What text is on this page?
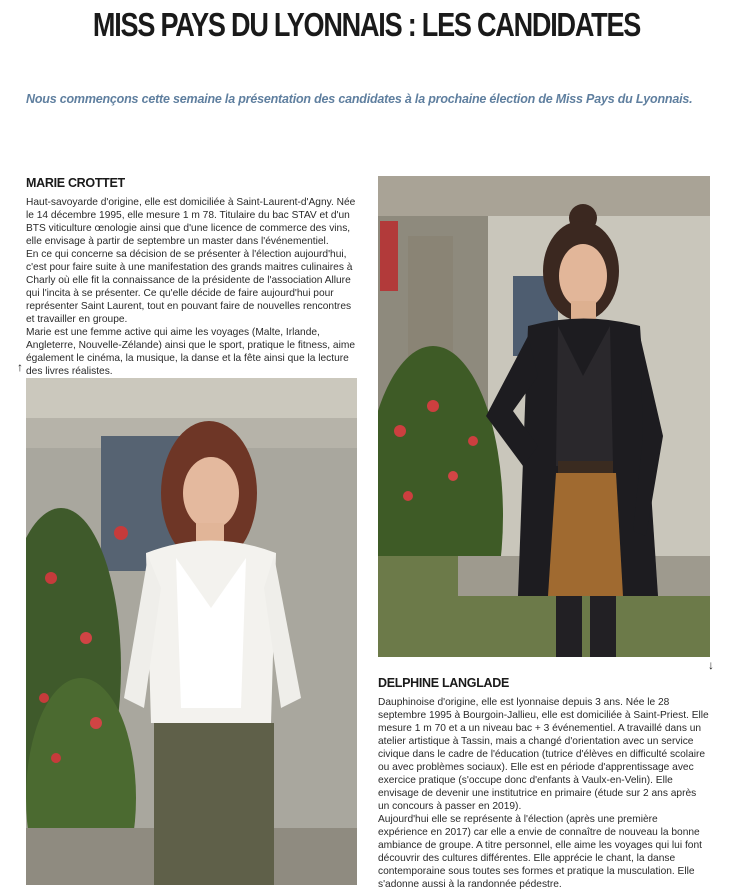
MISS PAYS DU LYONNAIS : LES CANDIDATES
Nous commençons cette semaine la présentation des candidates à la prochaine élection de Miss Pays du Lyonnais.
MARIE CROTTET

Haut-savoyarde d'origine, elle est domiciliée à Saint-Laurent-d'Agny. Née le 14 décembre 1995, elle mesure 1 m 78. Titulaire du bac STAV et d'un BTS viticulture œnologie ainsi que d'une licence de commerce des vins, elle envisage à partir de septembre un master dans l'événementiel.

En ce qui concerne sa décision de se présenter à l'élection aujourd'hui, c'est pour faire suite à une manifestation des grands maitres culinaires à Charly où elle fit la connaissance de la présidente de l'association Allure qui l'incita à se présenter. Ce qu'elle décide de faire aujourd'hui pour représenter Saint Laurent, tout en pouvant faire de nouvelles rencontres et travailler en groupe.

Marie est une femme active qui aime les voyages (Malte, Irlande, Angleterre, Nouvelle-Zélande) ainsi que le sport, pratique le fitness, aime également le cinéma, la musique, la danse et la fête ainsi que la lecture des livres réalistes.

↑
↓
DELPHINE LANGLADE

Dauphinoise d'origine, elle est lyonnaise depuis 3 ans. Née le 28 septembre 1995 à Bourgoin-Jallieu, elle est domiciliée à Saint-Priest. Elle mesure 1 m 70 et a un niveau bac + 3 événementiel. A travaillé dans un atelier artistique à Tassin, mais a changé d'orientation avec un service civique dans le cadre de l'éducation (tutrice d'élèves en difficulté scolaire ou avec problèmes sociaux). Elle est en période d'apprentissage avec exercice pratique (s'occupe donc d'enfants à Vaulx-en-Velin). Elle envisage de devenir une institutrice en primaire (étude sur 2 ans après un concours à passer en 2019).

Aujourd'hui elle se représente à l'élection (après une première expérience en 2017) car elle a envie de connaître de nouveau la bonne ambiance de groupe. A titre personnel, elle aime les voyages qui lui font découvrir des cultures différentes. Elle apprécie le chant, la danse contemporaine sous toutes ses formes et pratique la musculation. Elle s'adonne aussi à la randonnée pédestre.
